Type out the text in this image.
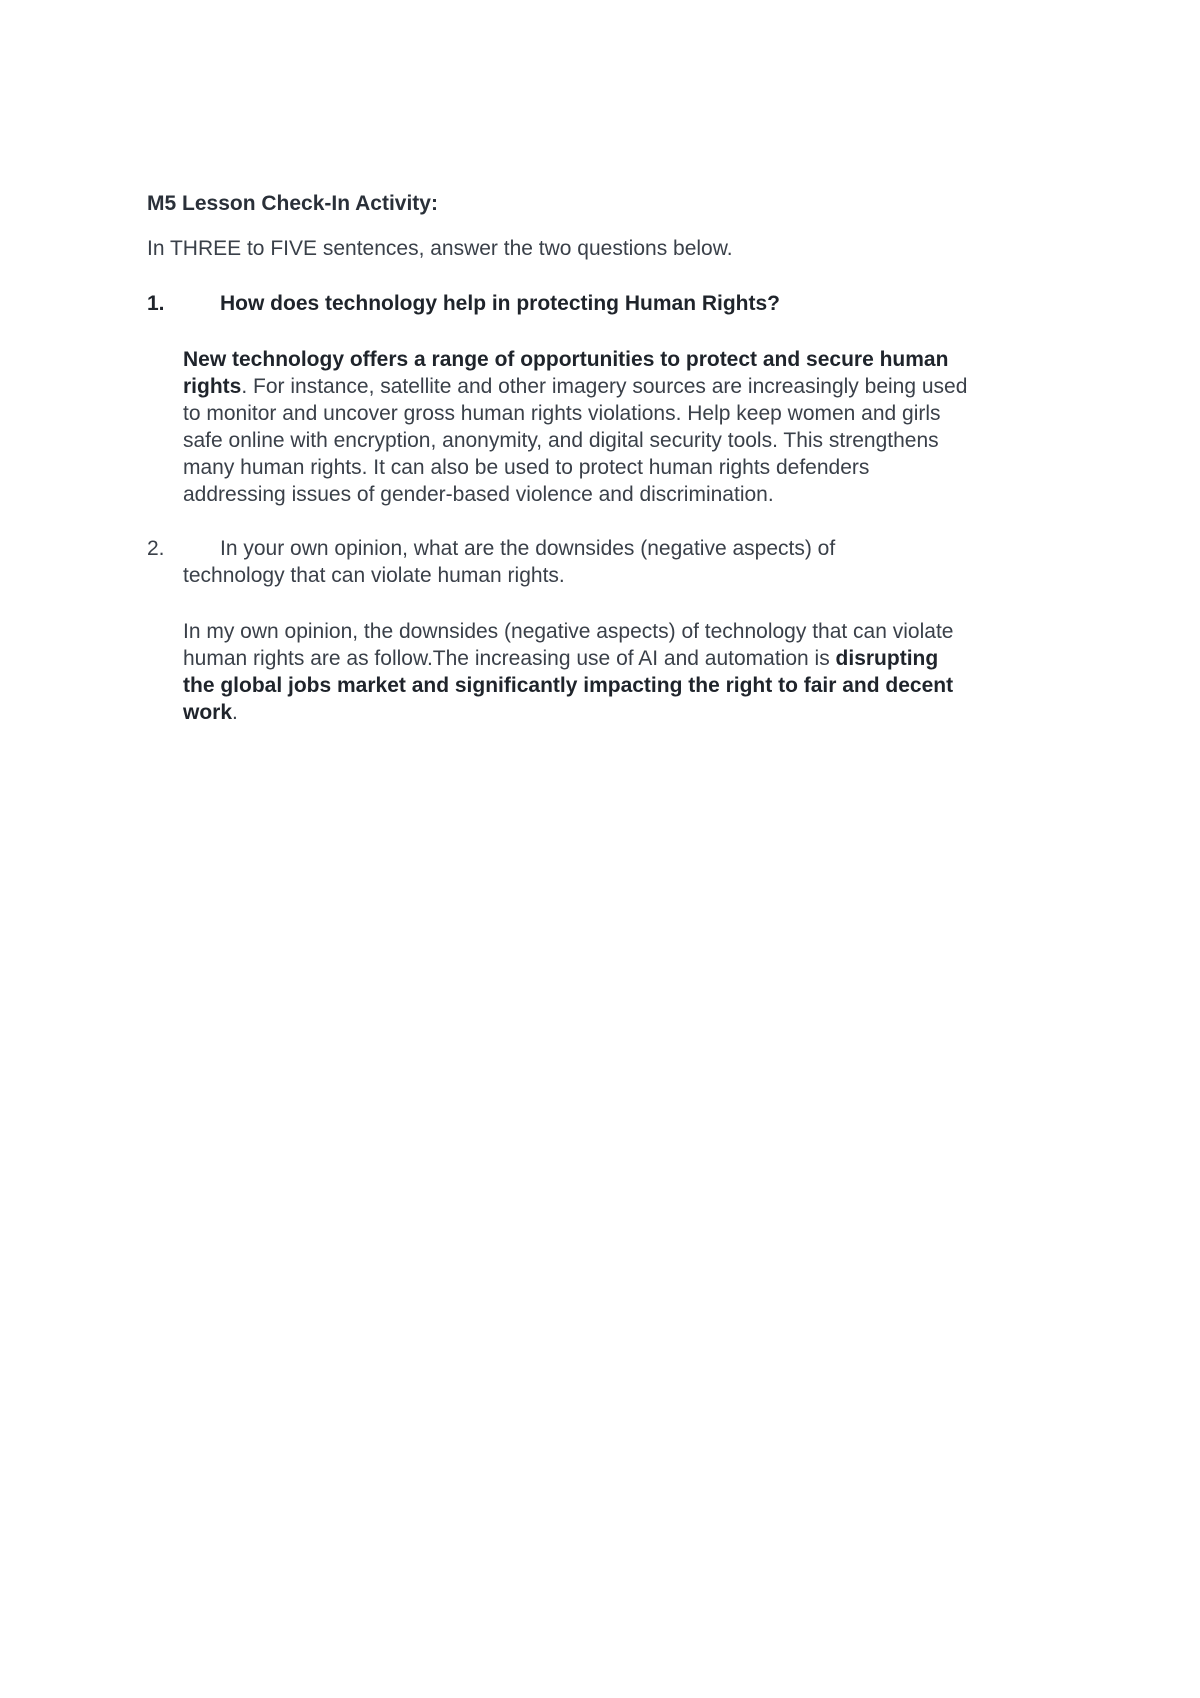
M5 Lesson Check-In Activity:
In THREE to FIVE sentences, answer the two questions below.
1.	How does technology help in protecting Human Rights?
New technology offers a range of opportunities to protect and secure human
rights. For instance, satellite and other imagery sources are increasingly being used
to monitor and uncover gross human rights violations. Help keep women and girls
safe online with encryption, anonymity, and digital security tools. This strengthens
many human rights. It can also be used to protect human rights defenders
addressing issues of gender-based violence and discrimination.
2.	In your own opinion, what are the downsides (negative aspects) of
technology that can violate human rights.
In my own opinion, the downsides (negative aspects) of technology that can violate
human rights are as follow.The increasing use of AI and automation is disrupting
the global jobs market and significantly impacting the right to fair and decent
work.
